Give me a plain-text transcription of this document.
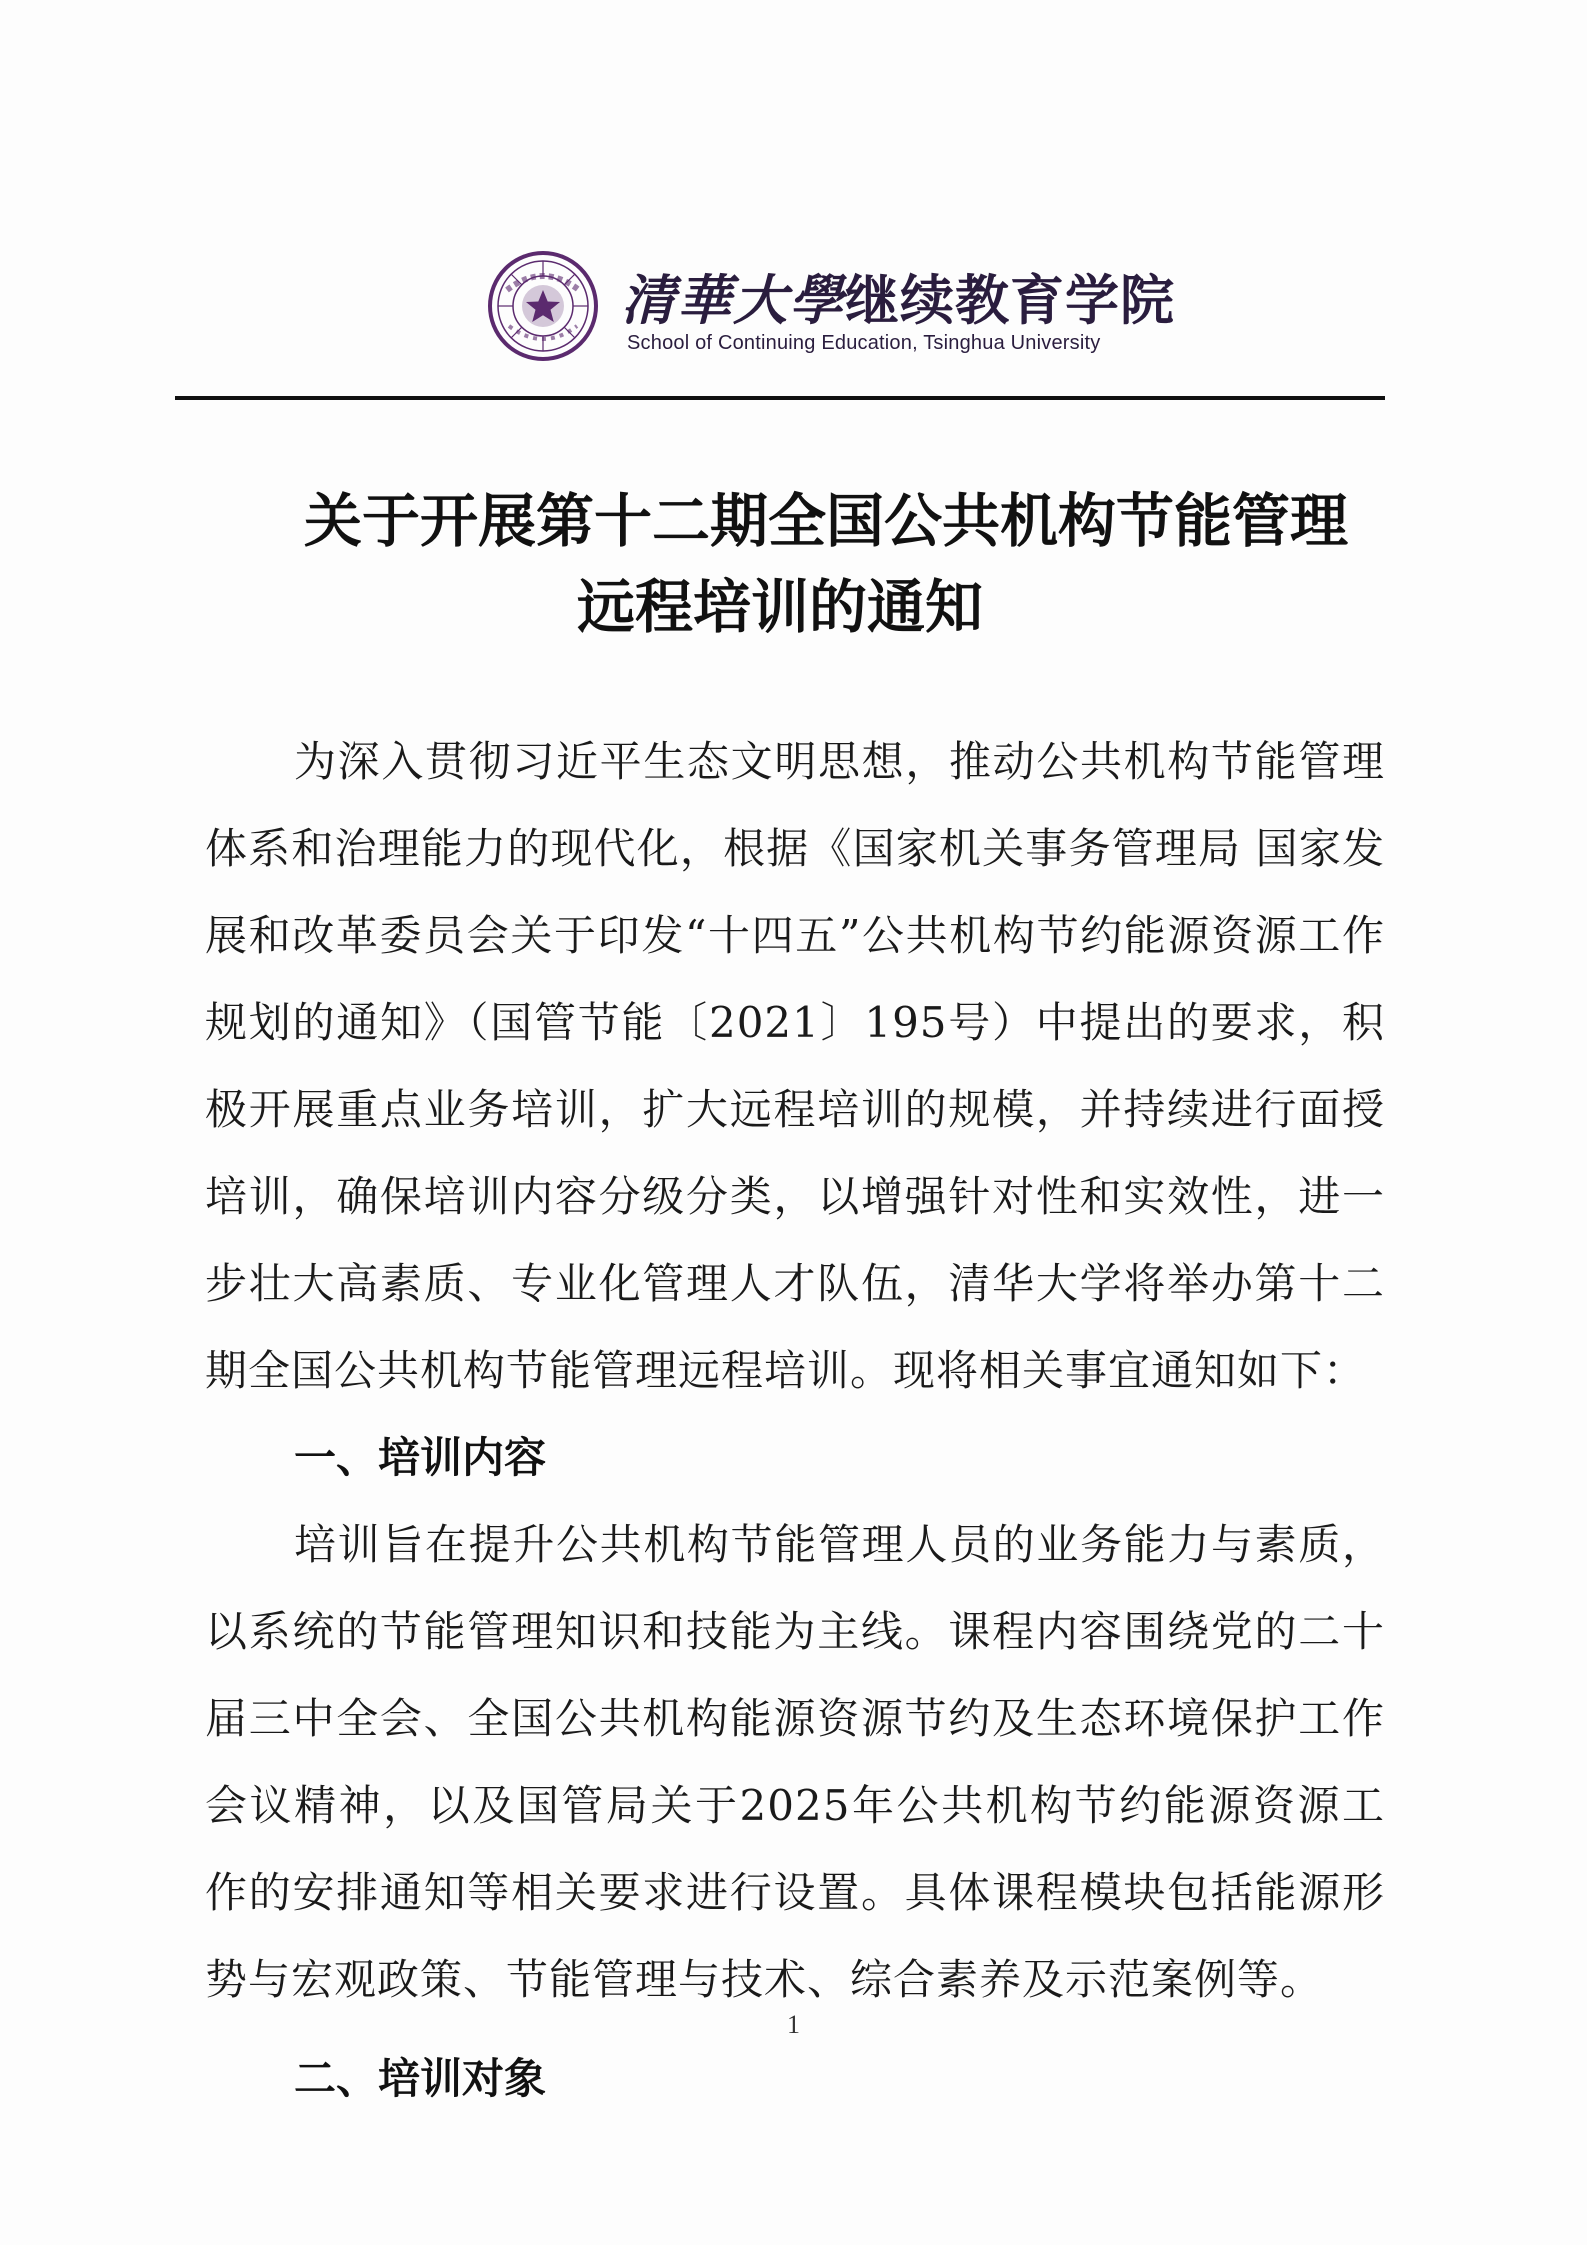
清華大學继续教育学院
School of Continuing Education, Tsinghua University
关于开展第十二期全国公共机构节能管理
远程培训的通知

为深入贯彻习近平生态文明思想，推动公共机构节能管理体系和治理能力的现代化，根据《国家机关事务管理局 国家发展和改革委员会关于印发“十四五”公共机构节约能源资源工作规划的通知》（国管节能〔2021〕195号）中提出的要求，积极开展重点业务培训，扩大远程培训的规模，并持续进行面授培训，确保培训内容分级分类，以增强针对性和实效性，进一步壮大高素质、专业化管理人才队伍，清华大学将举办第十二期全国公共机构节能管理远程培训。现将相关事宜通知如下：

一、培训内容

培训旨在提升公共机构节能管理人员的业务能力与素质，以系统的节能管理知识和技能为主线。课程内容围绕党的二十届三中全会、全国公共机构能源资源节约及生态环境保护工作会议精神，以及国管局关于2025年公共机构节约能源资源工作的安排通知等相关要求进行设置。具体课程模块包括能源形势与宏观政策、节能管理与技术、综合素养及示范案例等。

二、培训对象

1
